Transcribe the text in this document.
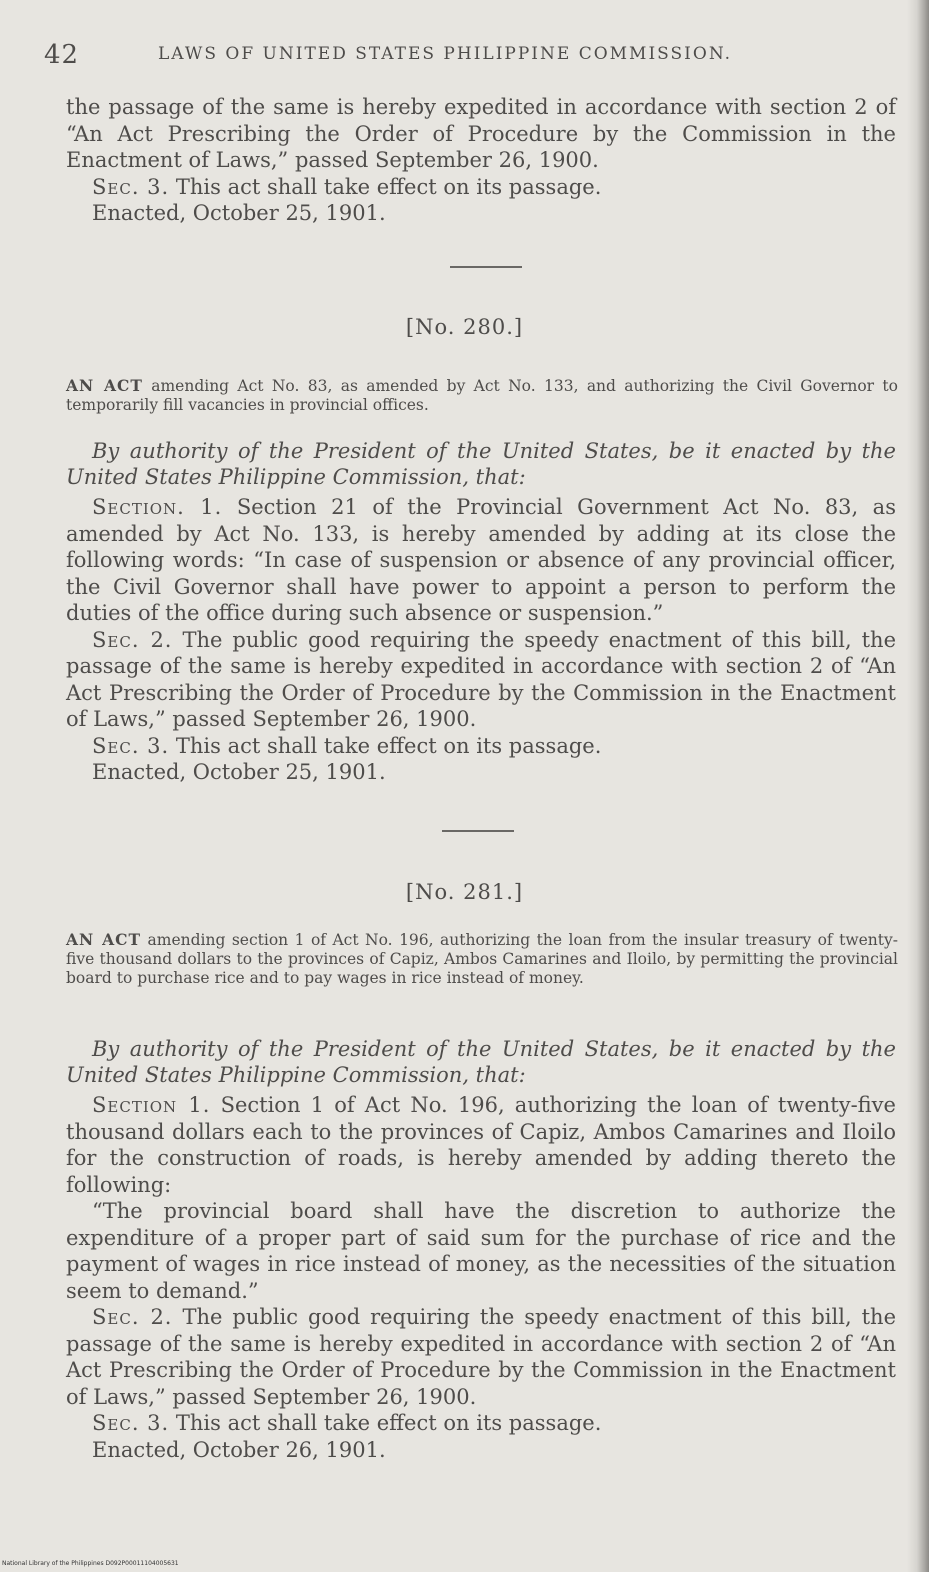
42	LAWS OF UNITED STATES PHILIPPINE COMMISSION.

the passage of the same is hereby expedited in accordance with section 2 of “An Act Prescribing the Order of Procedure by the Commission in the Enactment of Laws,” passed September 26, 1900.

Sec. 3. This act shall take effect on its passage.

Enacted, October 25, 1901.

[No. 280.]
AN ACT amending Act No. 83, as amended by Act No. 133, and authorizing the Civil Governor to temporarily fill vacancies in provincial offices.

By authority of the President of the United States, be it enacted by the United States Philippine Commission, that:

Section. 1. Section 21 of the Provincial Government Act No. 83, as amended by Act No. 133, is hereby amended by adding at its close the following words: “In case of suspension or absence of any provincial officer, the Civil Governor shall have power to appoint a person to perform the duties of the office during such absence or suspension.”

Sec. 2. The public good requiring the speedy enactment of this bill, the passage of the same is hereby expedited in accordance with section 2 of “An Act Prescribing the Order of Procedure by the Commission in the Enactment of Laws,” passed September 26, 1900.

Sec. 3. This act shall take effect on its passage.

Enacted, October 25, 1901.

[No. 281.]
AN ACT amending section 1 of Act No. 196, authorizing the loan from the insular treasury of twenty-five thousand dollars to the provinces of Capiz, Ambos Camarines and Iloilo, by permitting the provincial board to purchase rice and to pay wages in rice instead of money.

By authority of the President of the United States, be it enacted by the United States Philippine Commission, that:

Section 1. Section 1 of Act No. 196, authorizing the loan of twenty-five thousand dollars each to the provinces of Capiz, Ambos Camarines and Iloilo for the construction of roads, is hereby amended by adding thereto the following:

“The provincial board shall have the discretion to authorize the expenditure of a proper part of said sum for the purchase of rice and the payment of wages in rice instead of money, as the necessities of the situation seem to demand.”

Sec. 2. The public good requiring the speedy enactment of this bill, the passage of the same is hereby expedited in accordance with section 2 of “An Act Prescribing the Order of Procedure by the Commission in the Enactment of Laws,” passed September 26, 1900.

Sec. 3. This act shall take effect on its passage.

Enacted, October 26, 1901.

National Library of the Philippines D092P00011104005631
